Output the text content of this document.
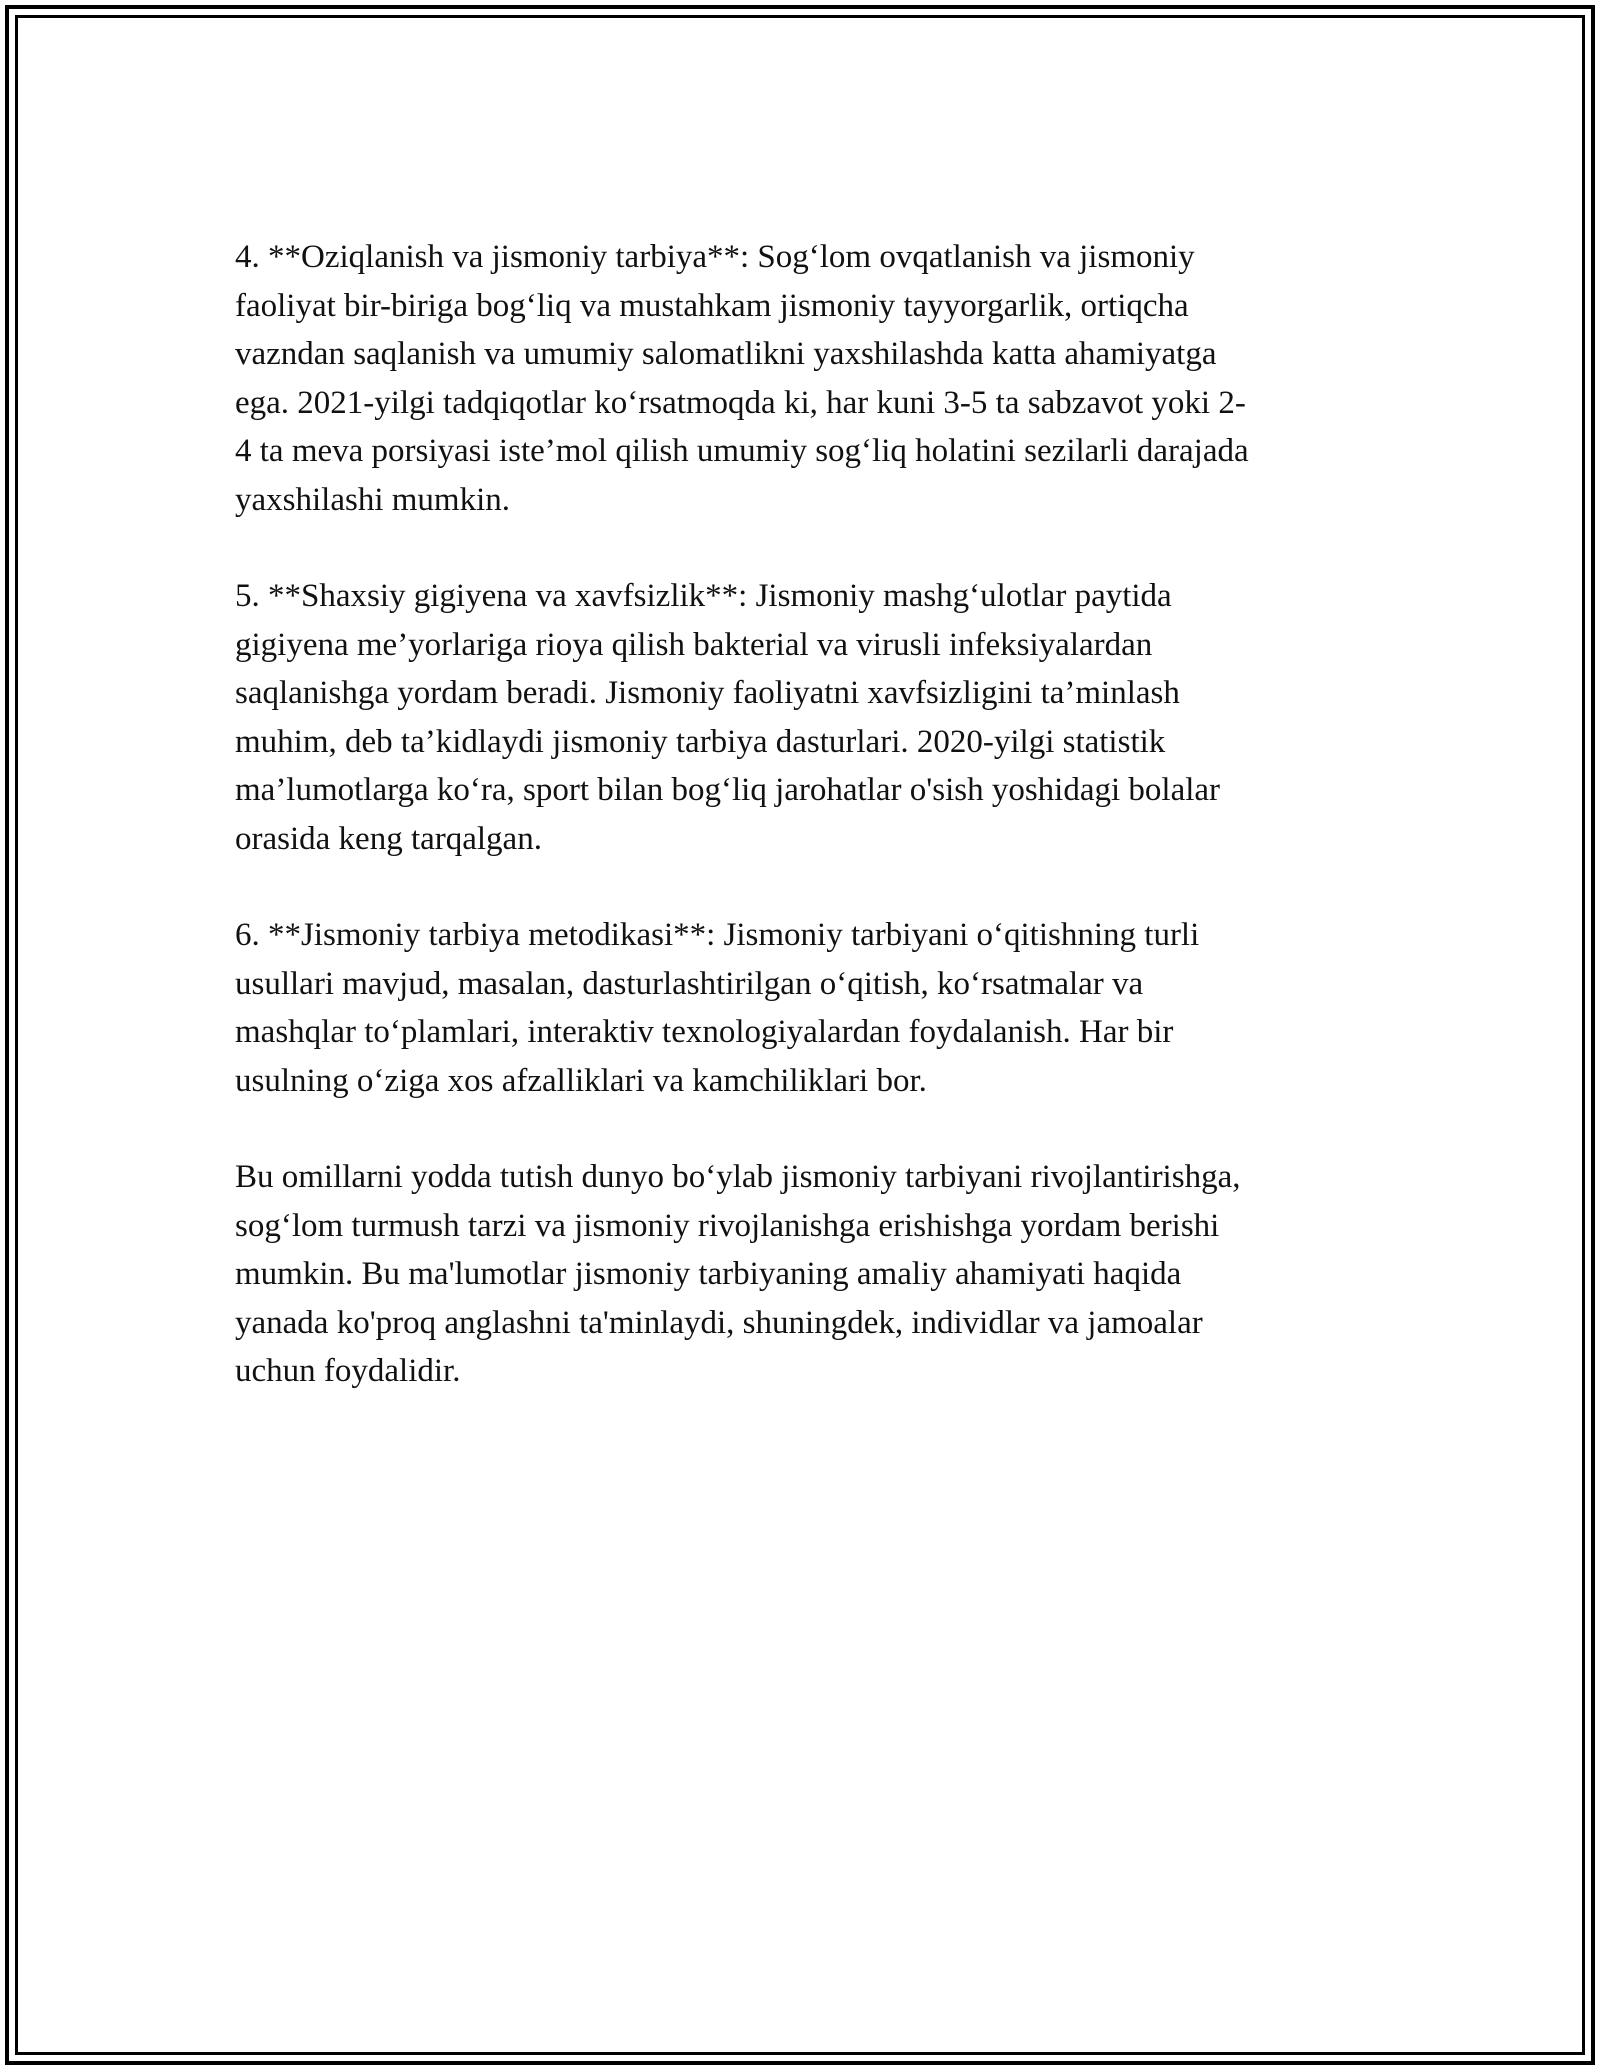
4. **Oziqlanish va jismoniy tarbiya**: Sog‘lom ovqatlanish va jismoniy
faoliyat bir-biriga bog‘liq va mustahkam jismoniy tayyorgarlik, ortiqcha
vazndan saqlanish va umumiy salomatlikni yaxshilashda katta ahamiyatga
ega. 2021-yilgi tadqiqotlar ko‘rsatmoqda ki, har kuni 3-5 ta sabzavot yoki 2-
4 ta meva porsiyasi iste’mol qilish umumiy sog‘liq holatini sezilarli darajada
yaxshilashi mumkin.

5. **Shaxsiy gigiyena va xavfsizlik**: Jismoniy mashg‘ulotlar paytida
gigiyena me’yorlariga rioya qilish bakterial va virusli infeksiyalardan
saqlanishga yordam beradi. Jismoniy faoliyatni xavfsizligini ta’minlash
muhim, deb ta’kidlaydi jismoniy tarbiya dasturlari. 2020-yilgi statistik
ma’lumotlarga ko‘ra, sport bilan bog‘liq jarohatlar o'sish yoshidagi bolalar
orasida keng tarqalgan.

6. **Jismoniy tarbiya metodikasi**: Jismoniy tarbiyani o‘qitishning turli
usullari mavjud, masalan, dasturlashtirilgan o‘qitish, ko‘rsatmalar va
mashqlar to‘plamlari, interaktiv texnologiyalardan foydalanish. Har bir
usulning o‘ziga xos afzalliklari va kamchiliklari bor.

Bu omillarni yodda tutish dunyo bo‘ylab jismoniy tarbiyani rivojlantirishga,
sog‘lom turmush tarzi va jismoniy rivojlanishga erishishga yordam berishi
mumkin. Bu ma'lumotlar jismoniy tarbiyaning amaliy ahamiyati haqida
yanada ko'proq anglashni ta'minlaydi, shuningdek, individlar va jamoalar
uchun foydalidir.
